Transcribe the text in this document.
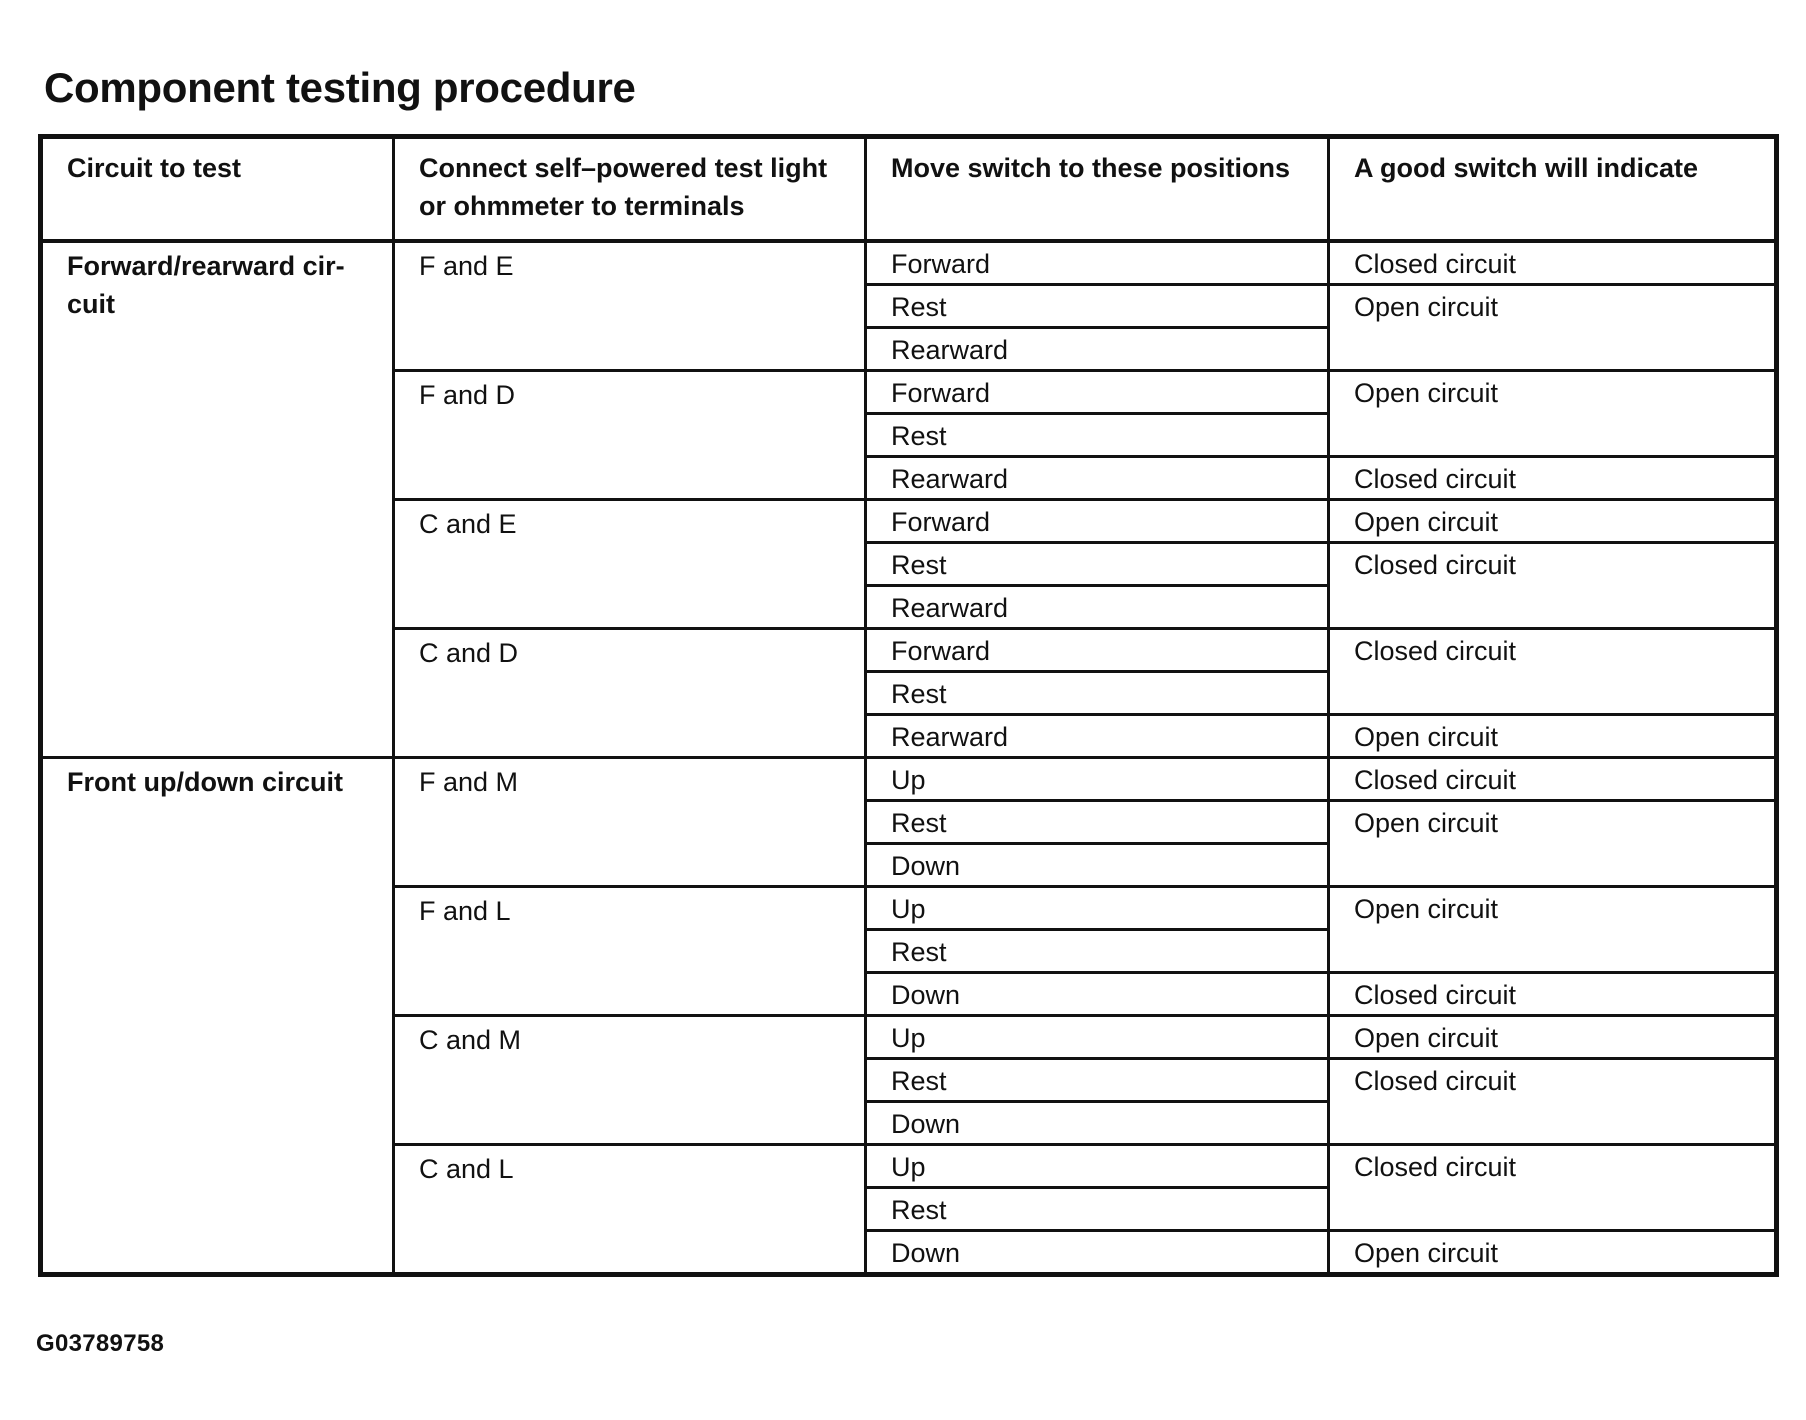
Component testing procedure
Circuit to test	Connect self–powered test light or ohmmeter to terminals	Move switch to these positions	A good switch will indicate
Forward/rearward cir-cuit	F and E	Forward	Closed circuit
		Rest	Open circuit
		Rearward	
	F and D	Forward	Open circuit
		Rest	
		Rearward	Closed circuit
	C and E	Forward	Open circuit
		Rest	Closed circuit
		Rearward	
	C and D	Forward	Closed circuit
		Rest	
		Rearward	Open circuit
Front up/down circuit	F and M	Up	Closed circuit
		Rest	Open circuit
		Down	
	F and L	Up	Open circuit
		Rest	
		Down	Closed circuit
	C and M	Up	Open circuit
		Rest	Closed circuit
		Down	
	C and L	Up	Closed circuit
		Rest	
		Down	Open circuit
G03789758
